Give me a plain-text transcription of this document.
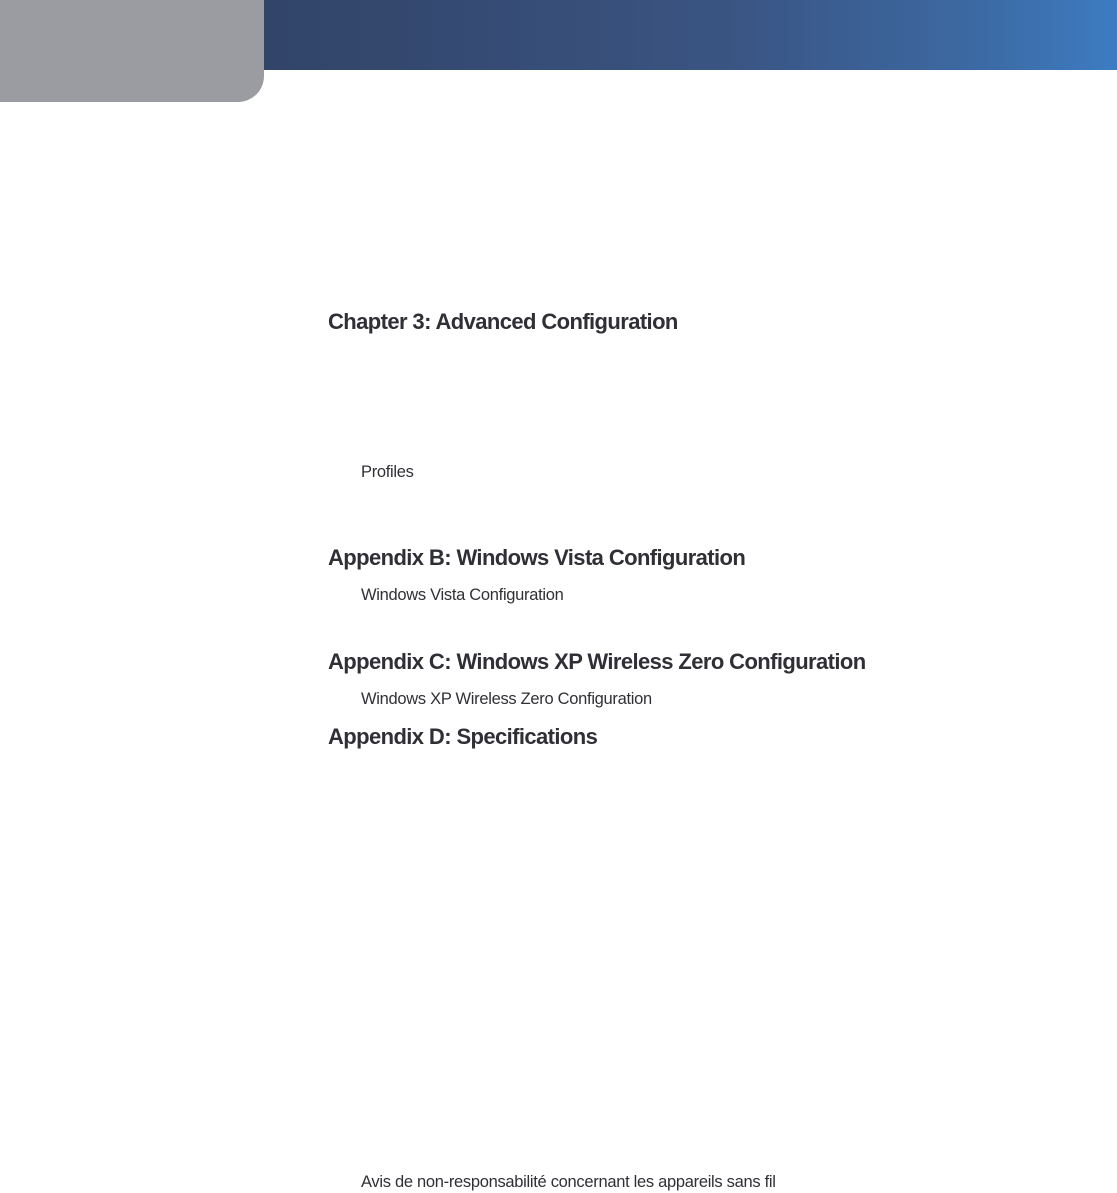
Chapter 3: Advanced Configuration

Profiles

Appendix B: Windows Vista Configuration

Windows Vista Configuration

Appendix C: Windows XP Wireless Zero Configuration

Windows XP Wireless Zero Configuration

Appendix D: Specifications

Avis de non-responsabilité concernant les appareils sans fil
